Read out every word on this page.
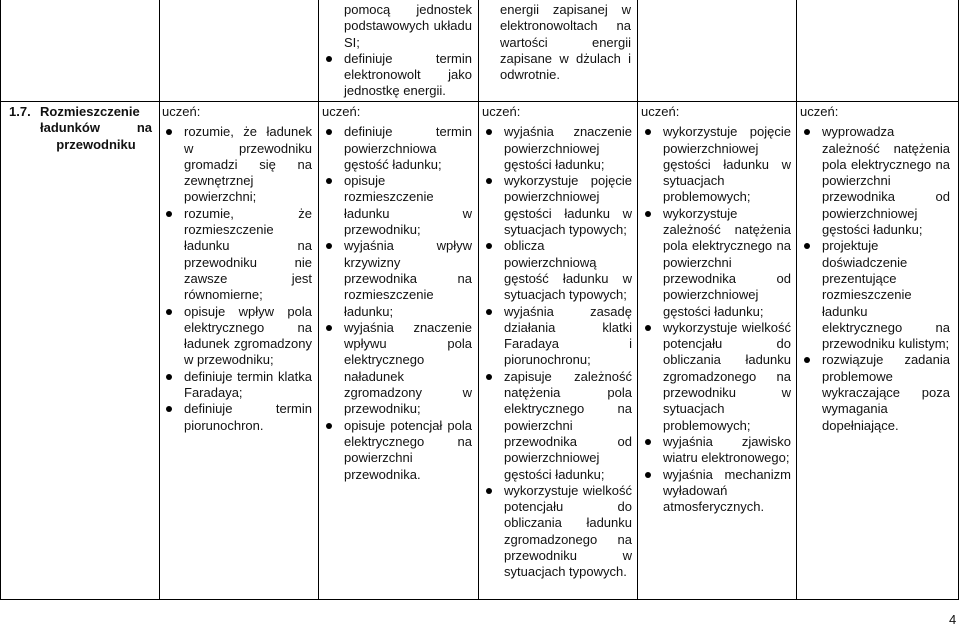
1.7. Rozmieszczenie ładunków na przewodniku
uczeń:
rozumie, że ładunek w przewodniku gromadzi się na zewnętrznej powierzchni;
rozumie, że rozmieszczenie ładunku na przewodniku nie zawsze jest równomierne;
opisuje wpływ pola elektrycznego na ładunek zgromadzony w przewodniku;
definiuje termin klatka Faradaya;
definiuje termin piorunochron.
pomocą jednostek podstawowych układu SI;
definiuje termin elektronowolt jako jednostkę energii.
uczeń:
definiuje termin powierzchniowa gęstość ładunku;
opisuje rozmieszczenie ładunku w przewodniku;
wyjaśnia wpływ krzywizny przewodnika na rozmieszczenie ładunku;
wyjaśnia znaczenie wpływu pola elektrycznego naładunek zgromadzony w przewodniku;
opisuje potencjał pola elektrycznego na powierzchni przewodnika.
energii zapisanej w elektronowoltach na wartości energii zapisane w dżulach i odwrotnie.
uczeń:
wyjaśnia znaczenie powierzchniowej gęstości ładunku;
wykorzystuje pojęcie powierzchniowej gęstości ładunku w sytuacjach typowych;
oblicza powierzchniową gęstość ładunku w sytuacjach typowych;
wyjaśnia zasadę działania klatki Faradaya i piorunochronu;
zapisuje zależność natężenia pola elektrycznego na powierzchni przewodnika od powierzchniowej gęstości ładunku;
wykorzystuje wielkość potencjału do obliczania ładunku zgromadzonego na przewodniku w sytuacjach typowych.
uczeń:
wykorzystuje pojęcie powierzchniowej gęstości ładunku w sytuacjach problemowych;
wykorzystuje zależność natężenia pola elektrycznego na powierzchni przewodnika od powierzchniowej gęstości ładunku;
wykorzystuje wielkość potencjału do obliczania ładunku zgromadzonego na przewodniku w sytuacjach problemowych;
wyjaśnia zjawisko wiatru elektronowego;
wyjaśnia mechanizm wyładowań atmosferycznych.
uczeń:
wyprowadza zależność natężenia pola elektrycznego na powierzchni przewodnika od powierzchniowej gęstości ładunku;
projektuje doświadczenie prezentujące rozmieszczenie ładunku elektrycznego na przewodniku kulistym;
rozwiązuje zadania problemowe wykraczające poza wymagania dopełniające.
4
